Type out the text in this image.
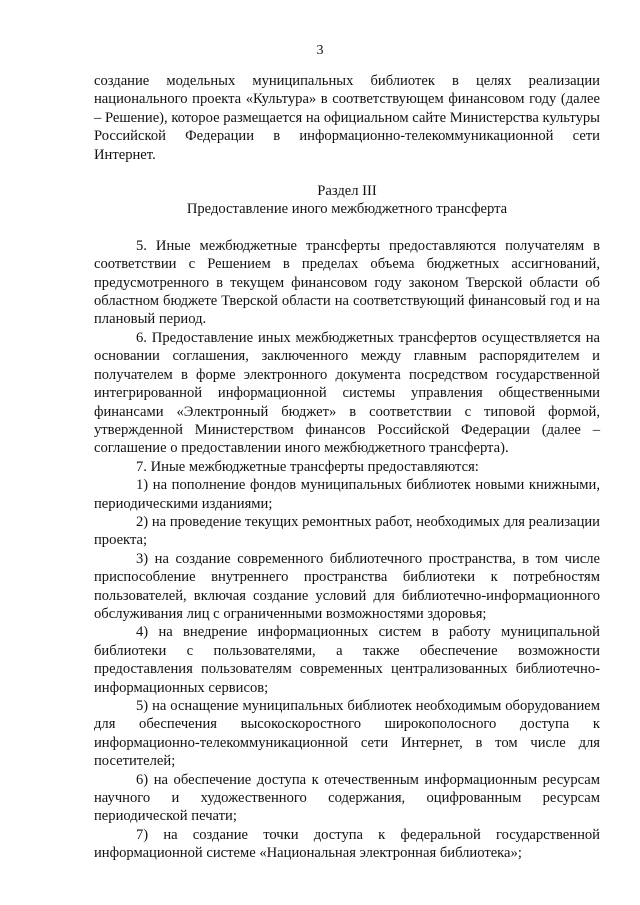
3

создание модельных муниципальных библиотек в целях реализации национального проекта «Культура» в соответствующем финансовом году (далее – Решение), которое размещается на официальном сайте Министерства культуры Российской Федерации в информационно-телекоммуникационной сети Интернет.

Раздел III

Предоставление иного межбюджетного трансферта

5. Иные межбюджетные трансферты предоставляются получателям в соответствии с Решением в пределах объема бюджетных ассигнований, предусмотренного в текущем финансовом году законом Тверской области об областном бюджете Тверской области на соответствующий финансовый год и на плановый период.

6. Предоставление иных межбюджетных трансфертов осуществляется на основании соглашения, заключенного между главным распорядителем и получателем в форме электронного документа посредством государственной интегрированной информационной системы управления общественными финансами «Электронный бюджет» в соответствии с типовой формой, утвержденной Министерством финансов Российской Федерации (далее – соглашение о предоставлении иного межбюджетного трансферта).

7. Иные межбюджетные трансферты предоставляются:

1) на пополнение фондов муниципальных библиотек новыми книжными, периодическими изданиями;

2) на проведение текущих ремонтных работ, необходимых для реализации проекта;

3) на создание современного библиотечного пространства, в том числе приспособление внутреннего пространства библиотеки к потребностям пользователей, включая создание условий для библиотечно-информационного обслуживания лиц с ограниченными возможностями здоровья;

4) на внедрение информационных систем в работу муниципальной библиотеки с пользователями, а также обеспечение возможности предоставления пользователям современных централизованных библиотечно-информационных сервисов;

5) на оснащение муниципальных библиотек необходимым оборудованием для обеспечения высокоскоростного широкополосного доступа к информационно-телекоммуникационной сети Интернет, в том числе для посетителей;

6) на обеспечение доступа к отечественным информационным ресурсам научного и художественного содержания, оцифрованным ресурсам периодической печати;

7) на создание точки доступа к федеральной государственной информационной системе «Национальная электронная библиотека»;
